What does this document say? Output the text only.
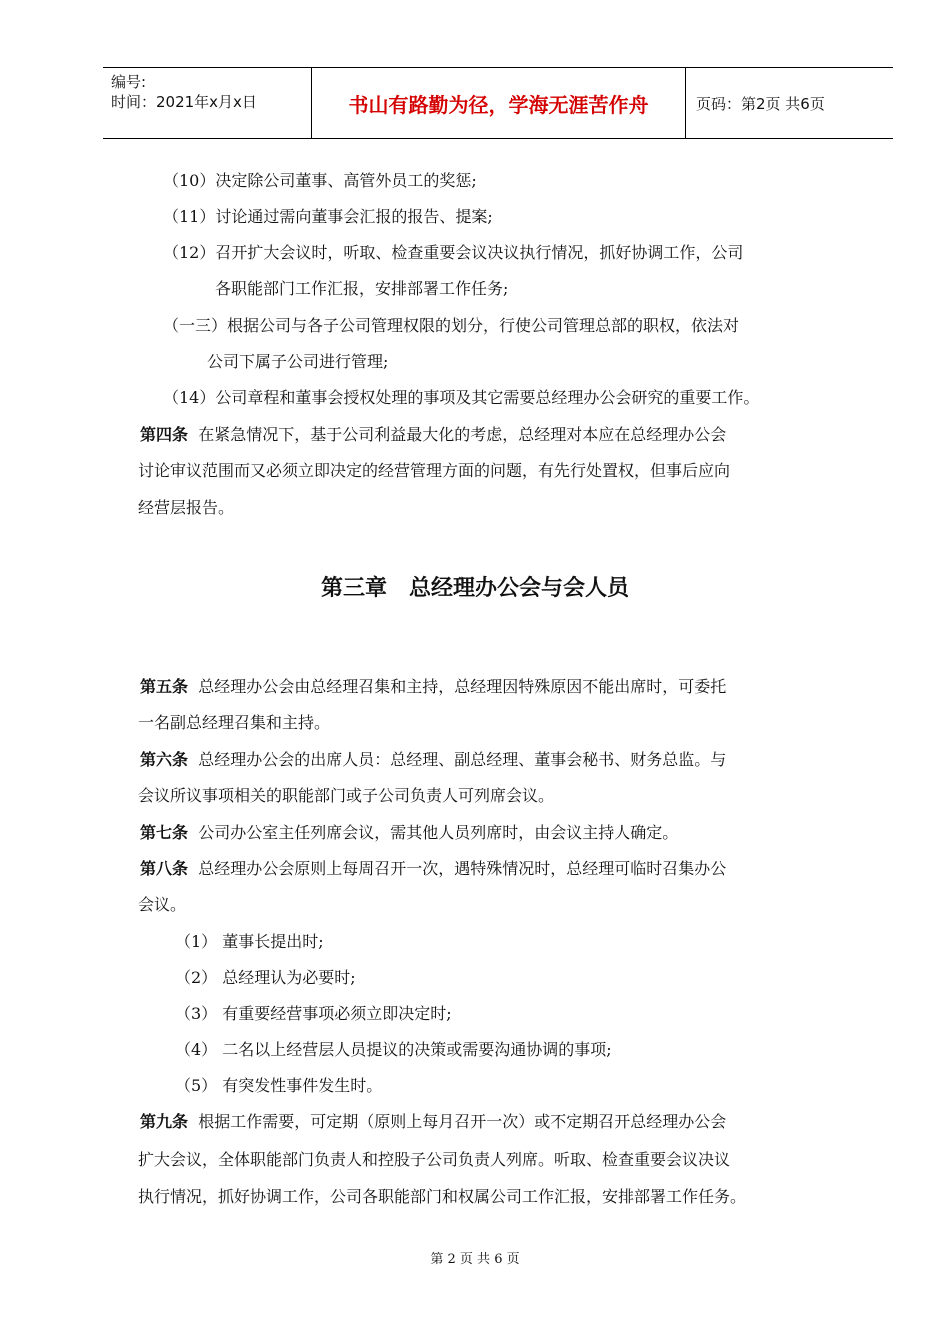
编号:
时间：2021年x月x日	书山有路勤为径，学海无涯苦作舟	页码：第2页 共6页
（10）决定除公司董事、高管外员工的奖惩;
（11）讨论通过需向董事会汇报的报告、提案;
（12）召开扩大会议时，听取、检查重要会议决议执行情况，抓好协调工作，公司
各职能部门工作汇报，安排部署工作任务;
（一三）根据公司与各子公司管理权限的划分，行使公司管理总部的职权，依法对
公司下属子公司进行管理;
（14）公司章程和董事会授权处理的事项及其它需要总经理办公会研究的重要工作。
第四条 在紧急情况下，基于公司利益最大化的考虑，总经理对本应在总经理办公会
讨论审议范围而又必须立即决定的经营管理方面的问题，有先行处置权，但事后应向
经营层报告。
第三章　总经理办公会与会人员
第五条 总经理办公会由总经理召集和主持，总经理因特殊原因不能出席时，可委托
一名副总经理召集和主持。
第六条 总经理办公会的出席人员：总经理、副总经理、董事会秘书、财务总监。与
会议所议事项相关的职能部门或子公司负责人可列席会议。
第七条 公司办公室主任列席会议，需其他人员列席时，由会议主持人确定。
第八条 总经理办公会原则上每周召开一次，遇特殊情况时，总经理可临时召集办公
会议。
（1） 董事长提出时;
（2） 总经理认为必要时;
（3） 有重要经营事项必须立即决定时;
（4） 二名以上经营层人员提议的决策或需要沟通协调的事项;
（5） 有突发性事件发生时。
第九条 根据工作需要，可定期（原则上每月召开一次）或不定期召开总经理办公会
扩大会议，全体职能部门负责人和控股子公司负责人列席。听取、检查重要会议决议
执行情况，抓好协调工作，公司各职能部门和权属公司工作汇报，安排部署工作任务。
第 2 页 共 6 页
